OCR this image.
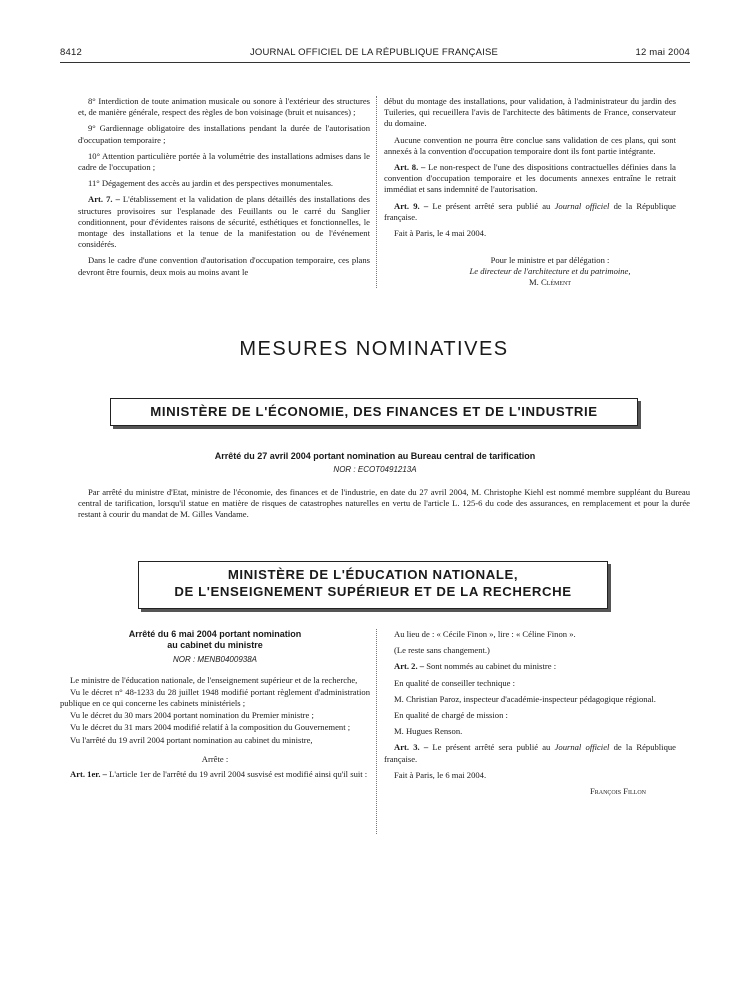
8412	JOURNAL OFFICIEL DE LA RÉPUBLIQUE FRANÇAISE	12 mai 2004

8° Interdiction de toute animation musicale ou sonore à l'extérieur des structures et, de manière générale, respect des règles de bon voisinage (bruit et nuisances) ;

9° Gardiennage obligatoire des installations pendant la durée de l'autorisation d'occupation temporaire ;

10° Attention particulière portée à la volumétrie des installations admises dans le cadre de l'occupation ;

11° Dégagement des accès au jardin et des perspectives monumentales.

Art. 7. – L'établissement et la validation de plans détaillés des installations des structures provisoires sur l'esplanade des Feuillants ou le carré du Sanglier conditionnent, pour d'évidentes raisons de sécurité, esthétiques et fonctionnelles, le montage des installations et la tenue de la manifestation ou de l'événement considérés.

Dans le cadre d'une convention d'autorisation d'occupation temporaire, ces plans devront être fournis, deux mois au moins avant le

début du montage des installations, pour validation, à l'administrateur du jardin des Tuileries, qui recueillera l'avis de l'architecte des bâtiments de France, conservateur du domaine.

Aucune convention ne pourra être conclue sans validation de ces plans, qui sont annexés à la convention d'occupation temporaire dont ils font partie intégrante.

Art. 8. – Le non-respect de l'une des dispositions contractuelles définies dans la convention d'occupation temporaire et les documents annexes entraîne le retrait immédiat et sans indemnité de l'autorisation.

Art. 9. – Le présent arrêté sera publié au Journal officiel de la République française.

Fait à Paris, le 4 mai 2004.

Pour le ministre et par délégation :
Le directeur de l'architecture et du patrimoine,
M. Clément
MESURES NOMINATIVES
MINISTÈRE DE L'ÉCONOMIE, DES FINANCES ET DE L'INDUSTRIE
Arrêté du 27 avril 2004 portant nomination au Bureau central de tarification
NOR : ECOT0491213A
Par arrêté du ministre d'Etat, ministre de l'économie, des finances et de l'industrie, en date du 27 avril 2004, M. Christophe Kiehl est nommé membre suppléant du Bureau central de tarification, lorsqu'il statue en matière de risques de catastrophes naturelles en vertu de l'article L. 125-6 du code des assurances, en remplacement et pour la durée restant à courir du mandat de M. Gilles Vandame.
MINISTÈRE DE L'ÉDUCATION NATIONALE,
DE L'ENSEIGNEMENT SUPÉRIEUR ET DE LA RECHERCHE
Arrêté du 6 mai 2004 portant nomination
au cabinet du ministre
NOR : MENB0400938A

Le ministre de l'éducation nationale, de l'enseignement supérieur et de la recherche,

Vu le décret n° 48-1233 du 28 juillet 1948 modifié portant règlement d'administration publique en ce qui concerne les cabinets ministériels ;

Vu le décret du 30 mars 2004 portant nomination du Premier ministre ;

Vu le décret du 31 mars 2004 modifié relatif à la composition du Gouvernement ;

Vu l'arrêté du 19 avril 2004 portant nomination au cabinet du ministre,

Arrête :

Art. 1er. – L'article 1er de l'arrêté du 19 avril 2004 susvisé est modifié ainsi qu'il suit :

Au lieu de : « Cécile Finon », lire : « Céline Finon ».

(Le reste sans changement.)

Art. 2. – Sont nommés au cabinet du ministre :

En qualité de conseiller technique :

M. Christian Paroz, inspecteur d'académie-inspecteur pédagogique régional.

En qualité de chargé de mission :

M. Hugues Renson.

Art. 3. – Le présent arrêté sera publié au Journal officiel de la République française.

Fait à Paris, le 6 mai 2004.

François Fillon
